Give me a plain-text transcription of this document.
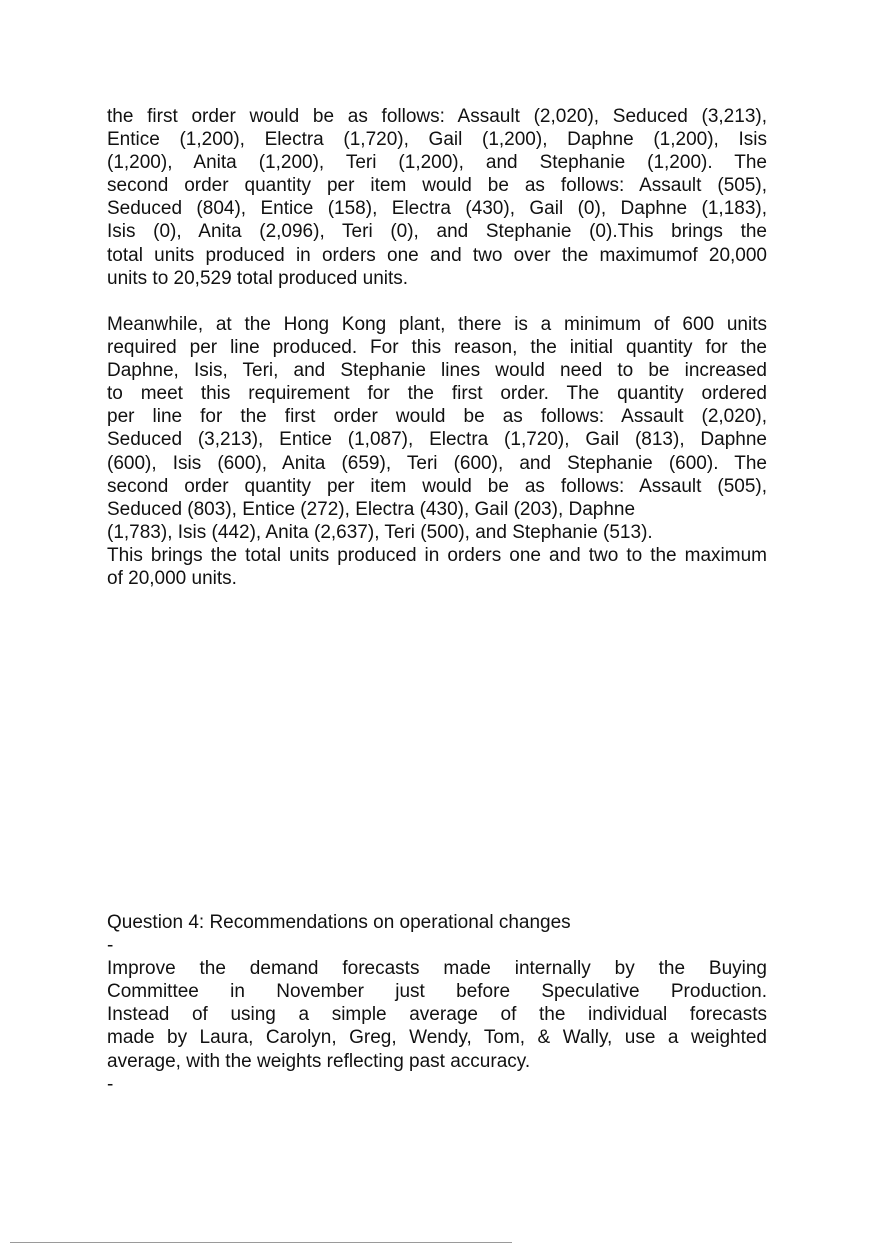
the first order would be as follows: Assault (2,020), Seduced (3,213),
Entice (1,200), Electra (1,720), Gail (1,200), Daphne (1,200), Isis
(1,200), Anita (1,200), Teri (1,200), and Stephanie (1,200). The
second order quantity per item would be as follows: Assault (505),
Seduced (804), Entice (158), Electra (430), Gail (0), Daphne (1,183),
Isis (0), Anita (2,096), Teri (0), and Stephanie (0).This brings the
total units produced in orders one and two over the maximumof 20,000
units to 20,529 total produced units.
Meanwhile, at the Hong Kong plant, there is a minimum of 600 units
required per line produced. For this reason, the initial quantity for the
Daphne, Isis, Teri, and Stephanie lines would need to be increased
to meet this requirement for the first order. The quantity ordered
per line for the first order would be as follows: Assault (2,020),
Seduced (3,213), Entice (1,087), Electra (1,720), Gail (813), Daphne
(600), Isis (600), Anita (659), Teri (600), and Stephanie (600). The
second order quantity per item would be as follows: Assault (505),
Seduced (803), Entice (272), Electra (430), Gail (203), Daphne
(1,783), Isis (442), Anita (2,637), Teri (500), and Stephanie (513).
This brings the total units produced in orders one and two to the maximum
of 20,000 units.
Question 4: Recommendations on operational changes
-
Improve the demand forecasts made internally by the Buying
Committee in November just before Speculative Production.
Instead of using a simple average of the individual forecasts
made by Laura, Carolyn, Greg, Wendy, Tom, & Wally, use a weighted
average, with the weights reflecting past accuracy.
-
